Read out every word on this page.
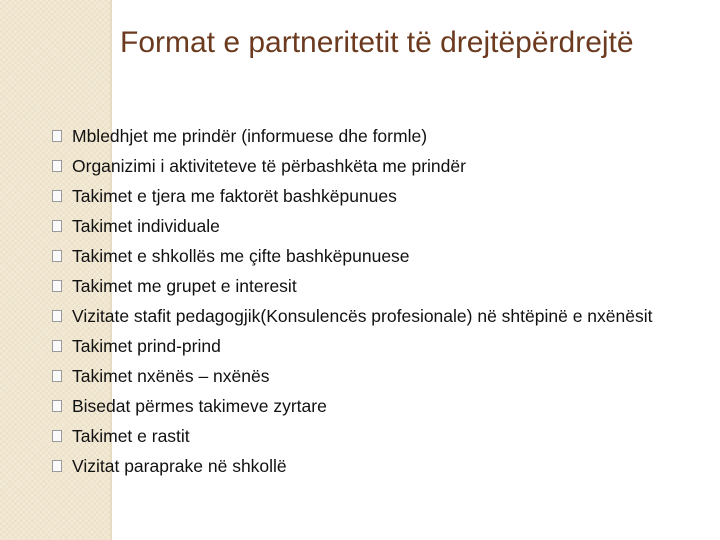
Format e partneritetit të drejtëpërdrejtë
Mbledhjet me prindër (informuese dhe formle)
Organizimi i aktiviteteve të përbashkëta me prindër
Takimet e tjera me faktorët bashkëpunues
Takimet individuale
Takimet e shkollës me çifte bashkëpunuese
Takimet me grupet e interesit
Vizitate stafit pedagogjik(Konsulencës profesionale) në shtëpinë e nxënësit
Takimet prind-prind
Takimet nxënës – nxënës
Bisedat përmes takimeve zyrtare
Takimet e rastit
Vizitat paraprake në shkollë
